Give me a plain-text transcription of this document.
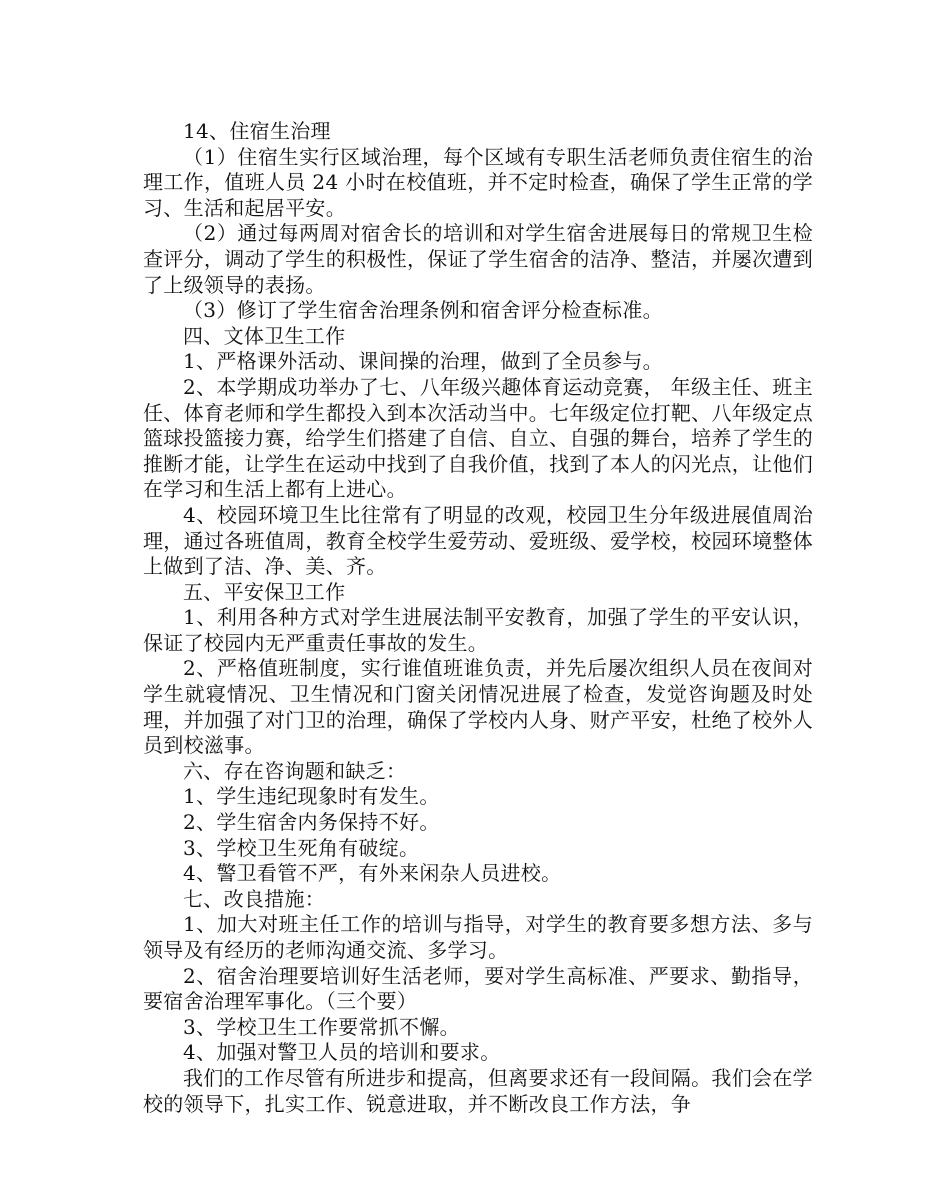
14、住宿生治理

（1）住宿生实行区域治理，每个区域有专职生活老师负责住宿生的治理工作，值班人员 24 小时在校值班，并不定时检查，确保了学生正常的学习、生活和起居平安。

（2）通过每两周对宿舍长的培训和对学生宿舍进展每日的常规卫生检查评分，调动了学生的积极性，保证了学生宿舍的洁净、整洁，并屡次遭到了上级领导的表扬。

（3）修订了学生宿舍治理条例和宿舍评分检查标准。

四、文体卫生工作

1、严格课外活动、课间操的治理，做到了全员参与。

2、本学期成功举办了七、八年级兴趣体育运动竞赛， 年级主任、班主任、体育老师和学生都投入到本次活动当中。七年级定位打靶、八年级定点篮球投篮接力赛，给学生们搭建了自信、自立、自强的舞台，培养了学生的推断才能，让学生在运动中找到了自我价值，找到了本人的闪光点，让他们在学习和生活上都有上进心。

4、校园环境卫生比往常有了明显的改观，校园卫生分年级进展值周治理，通过各班值周，教育全校学生爱劳动、爱班级、爱学校，校园环境整体上做到了洁、净、美、齐。

五、平安保卫工作

1、利用各种方式对学生进展法制平安教育，加强了学生的平安认识，保证了校园内无严重责任事故的发生。

2、严格值班制度，实行谁值班谁负责，并先后屡次组织人员在夜间对学生就寝情况、卫生情况和门窗关闭情况进展了检查，发觉咨询题及时处理，并加强了对门卫的治理，确保了学校内人身、财产平安，杜绝了校外人员到校滋事。

六、存在咨询题和缺乏：

1、学生违纪现象时有发生。

2、学生宿舍内务保持不好。

3、学校卫生死角有破绽。

4、警卫看管不严，有外来闲杂人员进校。

七、改良措施：

1、加大对班主任工作的培训与指导，对学生的教育要多想方法、多与领导及有经历的老师沟通交流、多学习。

2、宿舍治理要培训好生活老师，要对学生高标准、严要求、勤指导，要宿舍治理军事化。（三个要）

3、学校卫生工作要常抓不懈。

4、加强对警卫人员的培训和要求。

我们的工作尽管有所进步和提高，但离要求还有一段间隔。我们会在学校的领导下，扎实工作、锐意进取，并不断改良工作方法，争
